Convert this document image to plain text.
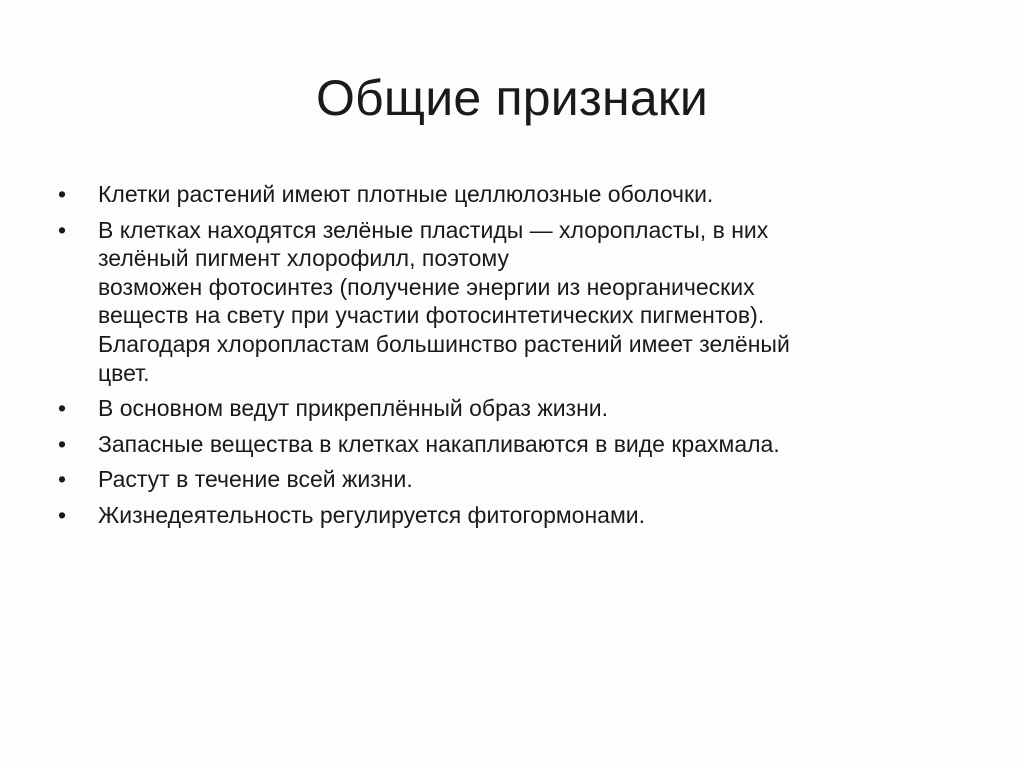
Общие признаки
• Клетки растений имеют плотные целлюлозные оболочки.
• В клетках находятся зелёные пластиды — хлоропласты, в них
зелёный пигмент хлорофилл, поэтому
возможен фотосинтез (получение энергии из неорганических
веществ на свету при участии фотосинтетических пигментов).
Благодаря хлоропластам большинство растений имеет зелёный
цвет.
• В основном ведут прикреплённый образ жизни.
• Запасные вещества в клетках накапливаются в виде крахмала.
• Растут в течение всей жизни.
• Жизнедеятельность регулируется фитогормонами.
